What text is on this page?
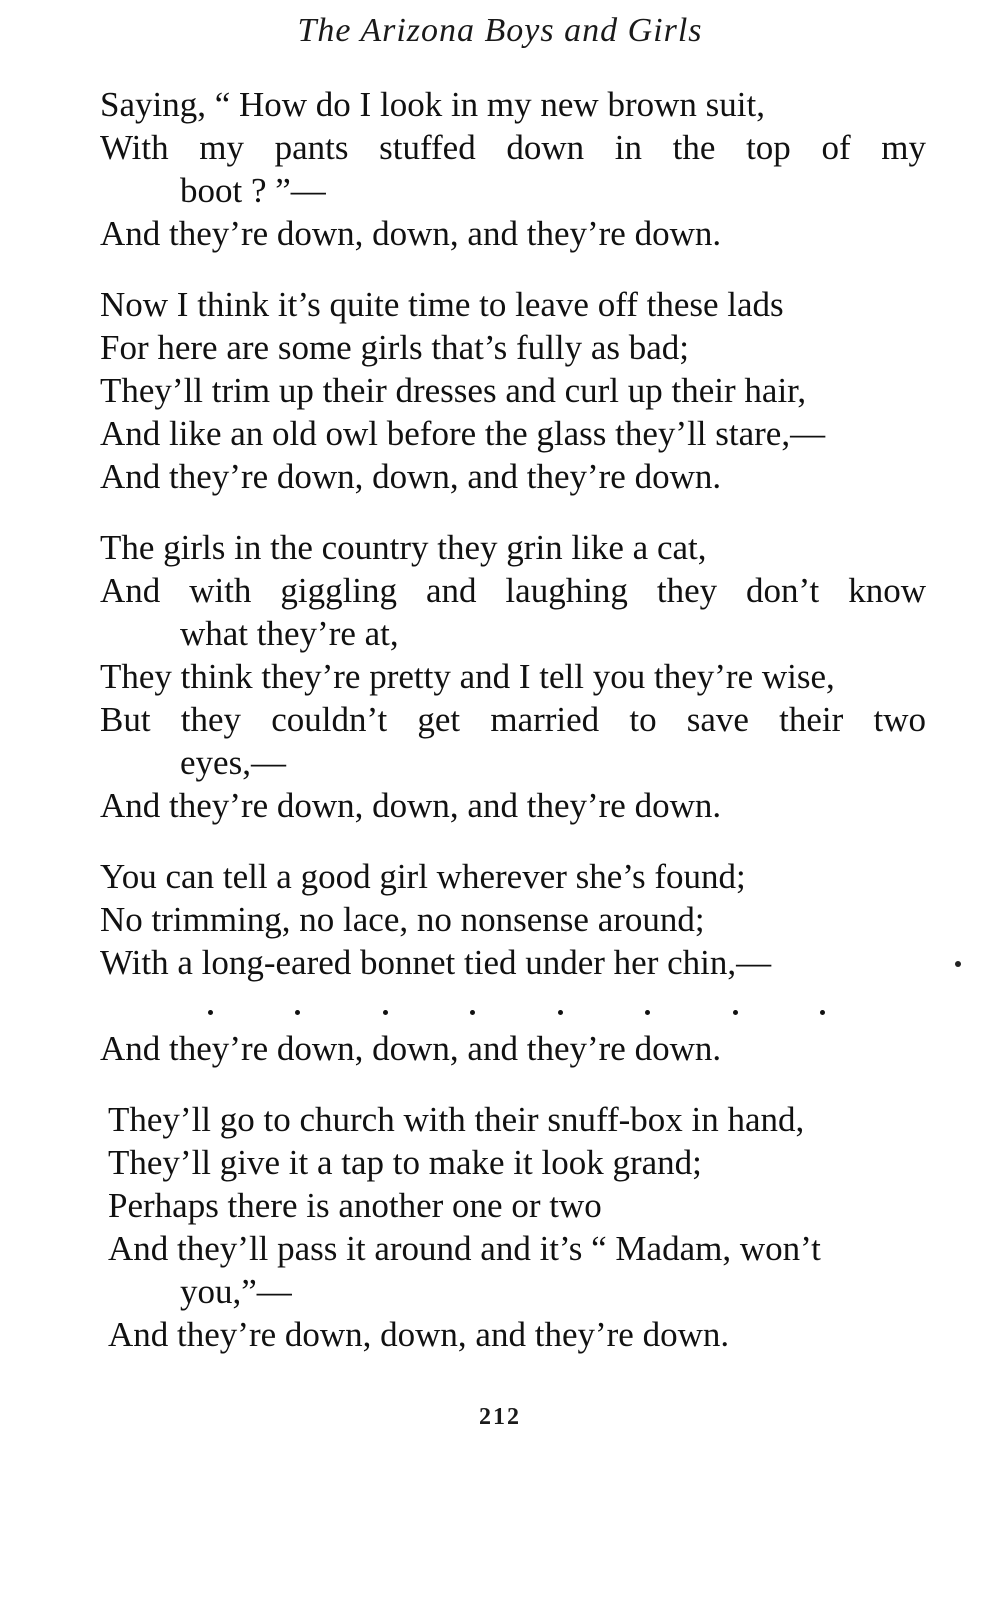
The Arizona Boys and Girls
Saying, “ How do I look in my new brown suit,
With my pants stuffed down in the top of my
boot ? ”—
And they’re down, down, and they’re down.
Now I think it’s quite time to leave off these lads
For here are some girls that’s fully as bad;
They’ll trim up their dresses and curl up their hair,
And like an old owl before the glass they’ll stare,—
And they’re down, down, and they’re down.
The girls in the country they grin like a cat,
And with giggling and laughing they don’t know
what they’re at,
They think they’re pretty and I tell you they’re wise,
But they couldn’t get married to save their two
eyes,—
And they’re down, down, and they’re down.
You can tell a good girl wherever she’s found;
No trimming, no lace, no nonsense around;
With a long-eared bonnet tied under her chin,—
And they’re down, down, and they’re down.
They’ll go to church with their snuff-box in hand,
They’ll give it a tap to make it look grand;
Perhaps there is another one or two
And they’ll pass it around and it’s “ Madam, won’t
you,”—
And they’re down, down, and they’re down.
212
